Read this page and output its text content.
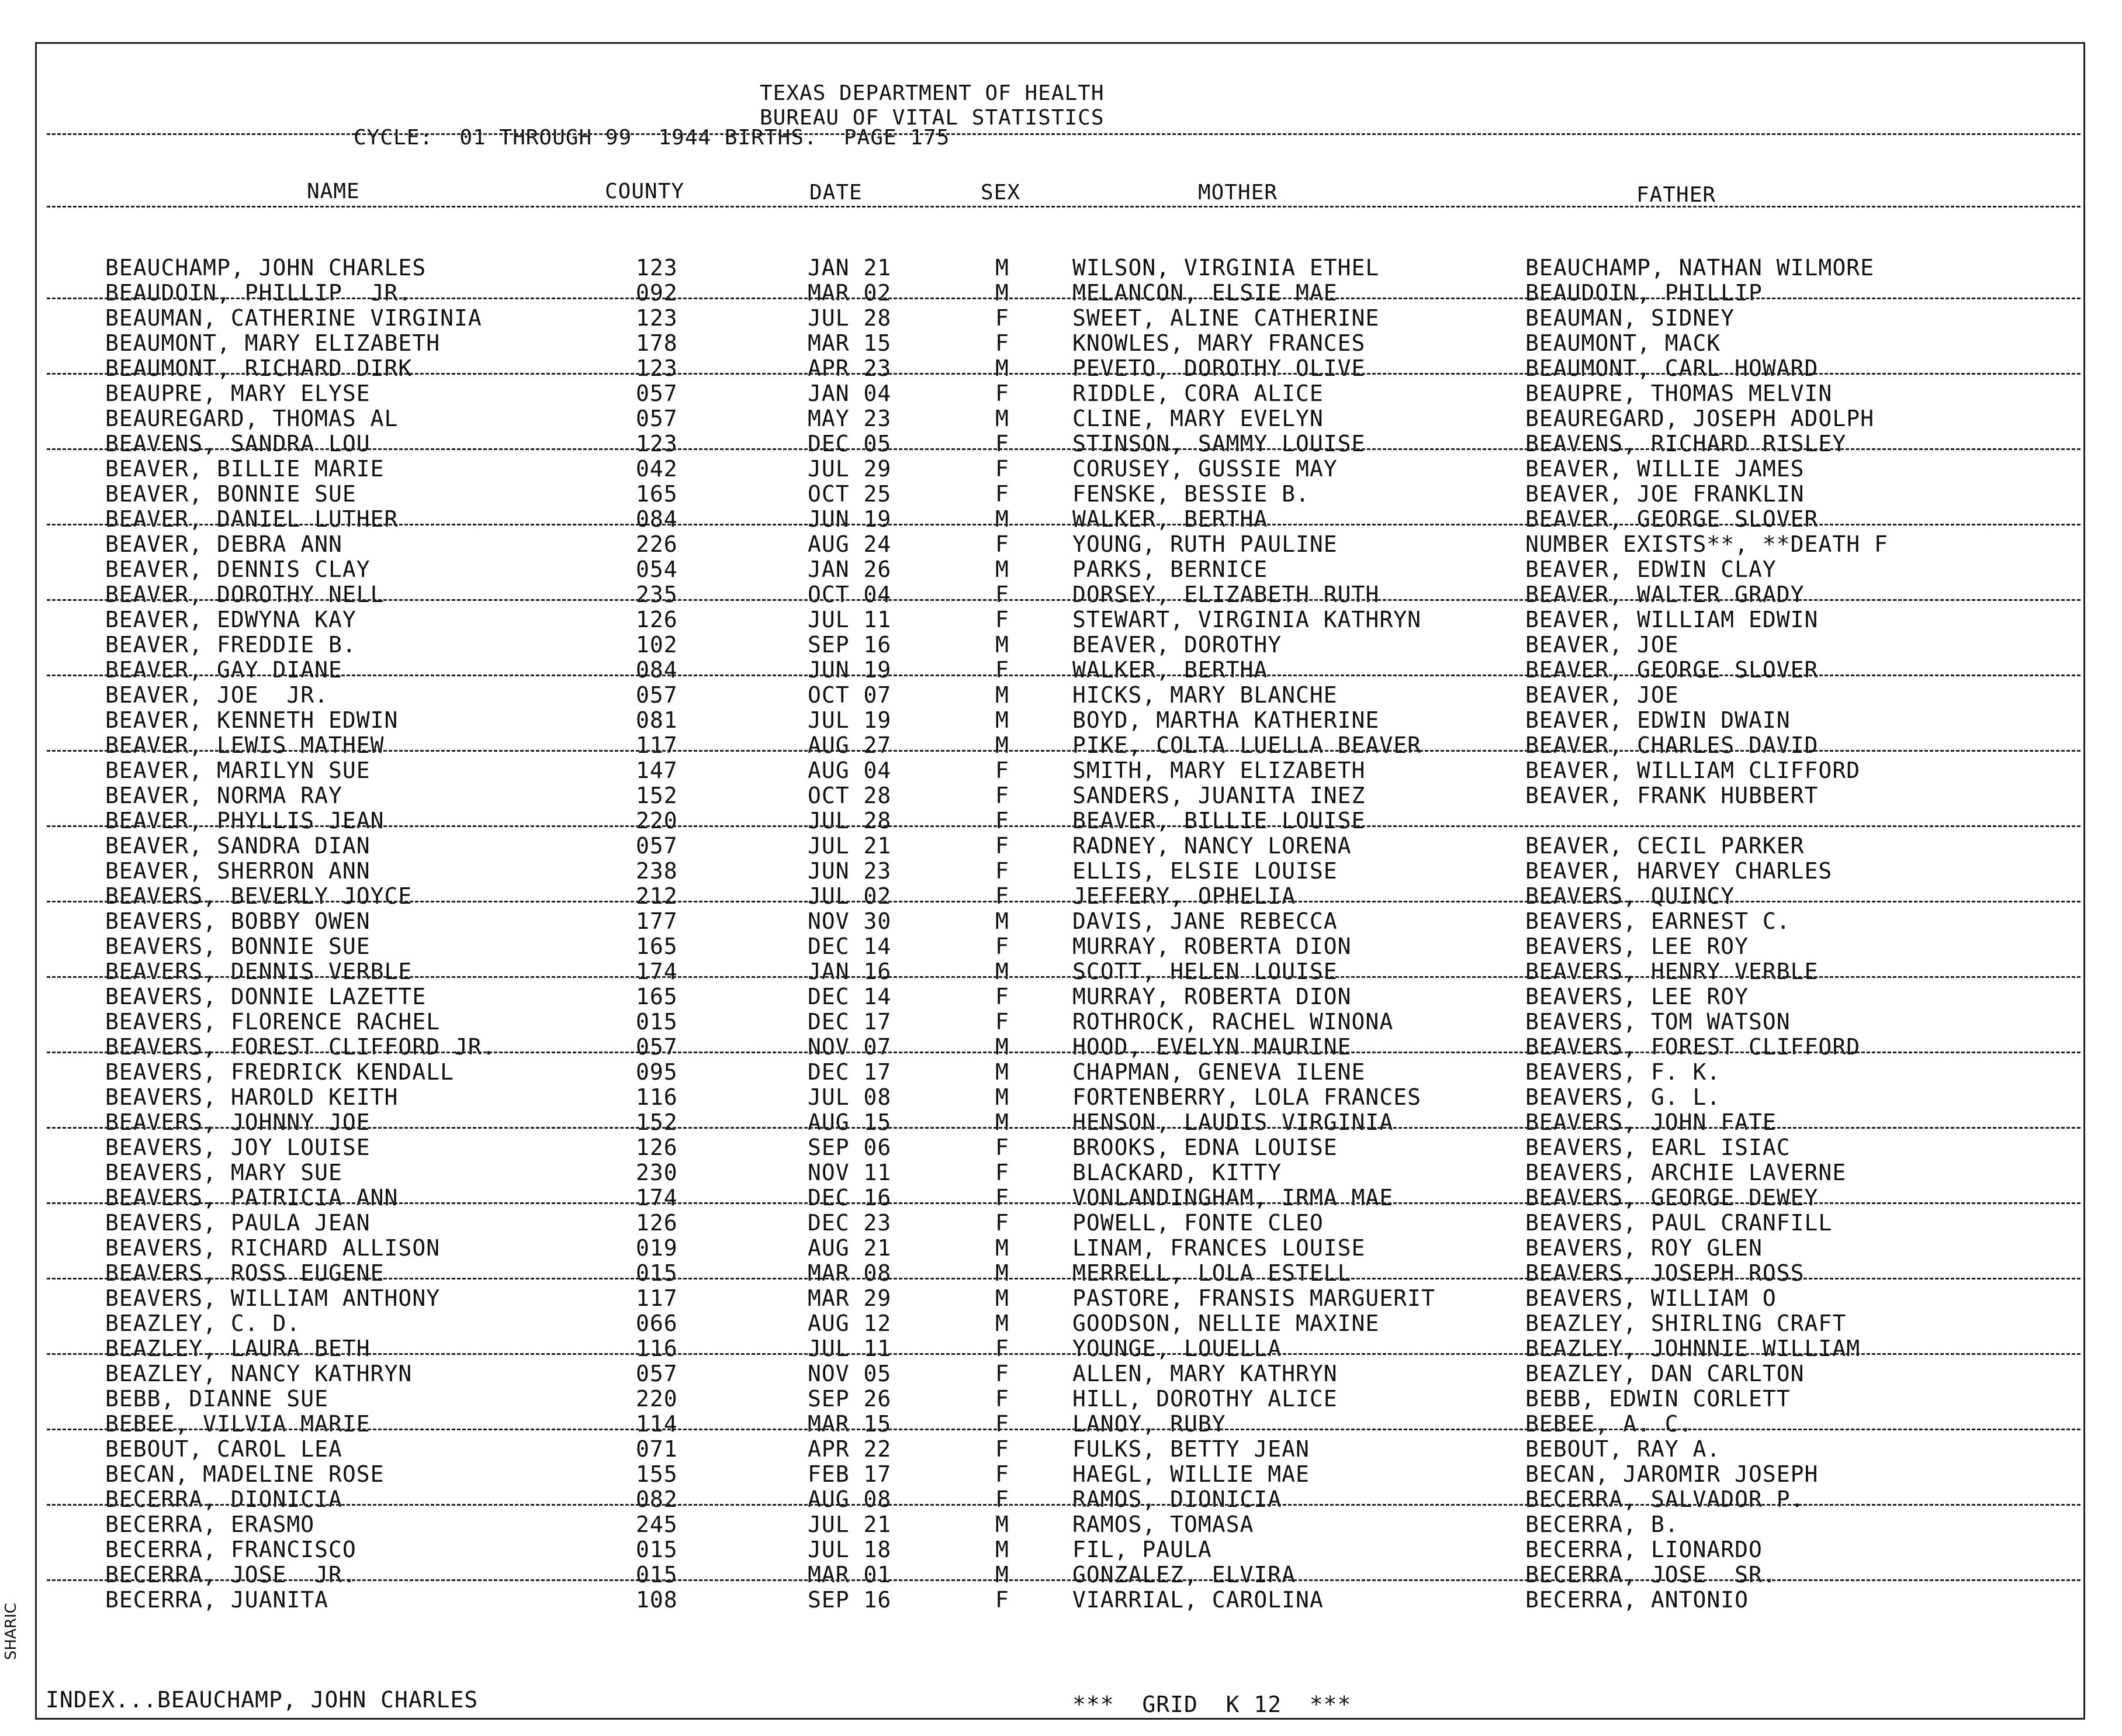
TEXAS DEPARTMENT OF HEALTH
BUREAU OF VITAL STATISTICS
CYCLE:  01 THROUGH 99  1944 BIRTHS.  PAGE 175
NAME	COUNTY	DATE	SEX	MOTHER	FATHER
BEAUCHAMP, JOHN CHARLES	123	JAN 21	M	WILSON, VIRGINIA ETHEL	BEAUCHAMP, NATHAN WILMORE
BEAUDOIN, PHILLIP  JR.	092	MAR 02	M	MELANCON, ELSIE MAE	BEAUDOIN, PHILLIP
BEAUMAN, CATHERINE VIRGINIA	123	JUL 28	F	SWEET, ALINE CATHERINE	BEAUMAN, SIDNEY
BEAUMONT, MARY ELIZABETH	178	MAR 15	F	KNOWLES, MARY FRANCES	BEAUMONT, MACK
BEAUMONT, RICHARD DIRK	123	APR 23	M	PEVETO, DOROTHY OLIVE	BEAUMONT, CARL HOWARD
BEAUPRE, MARY ELYSE	057	JAN 04	F	RIDDLE, CORA ALICE	BEAUPRE, THOMAS MELVIN
BEAUREGARD, THOMAS AL	057	MAY 23	M	CLINE, MARY EVELYN	BEAUREGARD, JOSEPH ADOLPH
BEAVENS, SANDRA LOU	123	DEC 05	F	STINSON, SAMMY LOUISE	BEAVENS, RICHARD RISLEY
BEAVER, BILLIE MARIE	042	JUL 29	F	CORUSEY, GUSSIE MAY	BEAVER, WILLIE JAMES
BEAVER, BONNIE SUE	165	OCT 25	F	FENSKE, BESSIE B.	BEAVER, JOE FRANKLIN
BEAVER, DANIEL LUTHER	084	JUN 19	M	WALKER, BERTHA	BEAVER, GEORGE SLOVER
BEAVER, DEBRA ANN	226	AUG 24	F	YOUNG, RUTH PAULINE	NUMBER EXISTS**, **DEATH F
BEAVER, DENNIS CLAY	054	JAN 26	M	PARKS, BERNICE	BEAVER, EDWIN CLAY
BEAVER, DOROTHY NELL	235	OCT 04	F	DORSEY, ELIZABETH RUTH	BEAVER, WALTER GRADY
BEAVER, EDWYNA KAY	126	JUL 11	F	STEWART, VIRGINIA KATHRYN	BEAVER, WILLIAM EDWIN
BEAVER, FREDDIE B.	102	SEP 16	M	BEAVER, DOROTHY	BEAVER, JOE
BEAVER, GAY DIANE	084	JUN 19	F	WALKER, BERTHA	BEAVER, GEORGE SLOVER
BEAVER, JOE  JR.	057	OCT 07	M	HICKS, MARY BLANCHE	BEAVER, JOE
BEAVER, KENNETH EDWIN	081	JUL 19	M	BOYD, MARTHA KATHERINE	BEAVER, EDWIN DWAIN
BEAVER, LEWIS MATHEW	117	AUG 27	M	PIKE, COLTA LUELLA BEAVER	BEAVER, CHARLES DAVID
BEAVER, MARILYN SUE	147	AUG 04	F	SMITH, MARY ELIZABETH	BEAVER, WILLIAM CLIFFORD
BEAVER, NORMA RAY	152	OCT 28	F	SANDERS, JUANITA INEZ	BEAVER, FRANK HUBBERT
BEAVER, PHYLLIS JEAN	220	JUL 28	F	BEAVER, BILLIE LOUISE
BEAVER, SANDRA DIAN	057	JUL 21	F	RADNEY, NANCY LORENA	BEAVER, CECIL PARKER
BEAVER, SHERRON ANN	238	JUN 23	F	ELLIS, ELSIE LOUISE	BEAVER, HARVEY CHARLES
BEAVERS, BEVERLY JOYCE	212	JUL 02	F	JEFFERY, OPHELIA	BEAVERS, QUINCY
BEAVERS, BOBBY OWEN	177	NOV 30	M	DAVIS, JANE REBECCA	BEAVERS, EARNEST C.
BEAVERS, BONNIE SUE	165	DEC 14	F	MURRAY, ROBERTA DION	BEAVERS, LEE ROY
BEAVERS, DENNIS VERBLE	174	JAN 16	M	SCOTT, HELEN LOUISE	BEAVERS, HENRY VERBLE
BEAVERS, DONNIE LAZETTE	165	DEC 14	F	MURRAY, ROBERTA DION	BEAVERS, LEE ROY
BEAVERS, FLORENCE RACHEL	015	DEC 17	F	ROTHROCK, RACHEL WINONA	BEAVERS, TOM WATSON
BEAVERS, FOREST CLIFFORD JR.	057	NOV 07	M	HOOD, EVELYN MAURINE	BEAVERS, FOREST CLIFFORD
BEAVERS, FREDRICK KENDALL	095	DEC 17	M	CHAPMAN, GENEVA ILENE	BEAVERS, F. K.
BEAVERS, HAROLD KEITH	116	JUL 08	M	FORTENBERRY, LOLA FRANCES	BEAVERS, G. L.
BEAVERS, JOHNNY JOE	152	AUG 15	M	HENSON, LAUDIS VIRGINIA	BEAVERS, JOHN FATE
BEAVERS, JOY LOUISE	126	SEP 06	F	BROOKS, EDNA LOUISE	BEAVERS, EARL ISIAC
BEAVERS, MARY SUE	230	NOV 11	F	BLACKARD, KITTY	BEAVERS, ARCHIE LAVERNE
BEAVERS, PATRICIA ANN	174	DEC 16	F	VONLANDINGHAM, IRMA MAE	BEAVERS, GEORGE DEWEY
BEAVERS, PAULA JEAN	126	DEC 23	F	POWELL, FONTE CLEO	BEAVERS, PAUL CRANFILL
BEAVERS, RICHARD ALLISON	019	AUG 21	M	LINAM, FRANCES LOUISE	BEAVERS, ROY GLEN
BEAVERS, ROSS EUGENE	015	MAR 08	M	MERRELL, LOLA ESTELL	BEAVERS, JOSEPH ROSS
BEAVERS, WILLIAM ANTHONY	117	MAR 29	M	PASTORE, FRANSIS MARGUERIT	BEAVERS, WILLIAM O
BEAZLEY, C. D.	066	AUG 12	M	GOODSON, NELLIE MAXINE	BEAZLEY, SHIRLING CRAFT
BEAZLEY, LAURA BETH	116	JUL 11	F	YOUNGE, LOUELLA	BEAZLEY, JOHNNIE WILLIAM
BEAZLEY, NANCY KATHRYN	057	NOV 05	F	ALLEN, MARY KATHRYN	BEAZLEY, DAN CARLTON
BEBB, DIANNE SUE	220	SEP 26	F	HILL, DOROTHY ALICE	BEBB, EDWIN CORLETT
BEBEE, VILVIA MARIE	114	MAR 15	F	LANOY, RUBY	BEBEE, A. C.
BEBOUT, CAROL LEA	071	APR 22	F	FULKS, BETTY JEAN	BEBOUT, RAY A.
BECAN, MADELINE ROSE	155	FEB 17	F	HAEGL, WILLIE MAE	BECAN, JAROMIR JOSEPH
BECERRA, DIONICIA	082	AUG 08	F	RAMOS, DIONICIA	BECERRA, SALVADOR P.
BECERRA, ERASMO	245	JUL 21	M	RAMOS, TOMASA	BECERRA, B.
BECERRA, FRANCISCO	015	JUL 18	M	FIL, PAULA	BECERRA, LIONARDO
BECERRA, JOSE  JR.	015	MAR 01	M	GONZALEZ, ELVIRA	BECERRA, JOSE  SR.
BECERRA, JUANITA	108	SEP 16	F	VIARRIAL, CAROLINA	BECERRA, ANTONIO
INDEX...BEAUCHAMP, JOHN CHARLES	***  GRID  K 12  ***
SHARIC
